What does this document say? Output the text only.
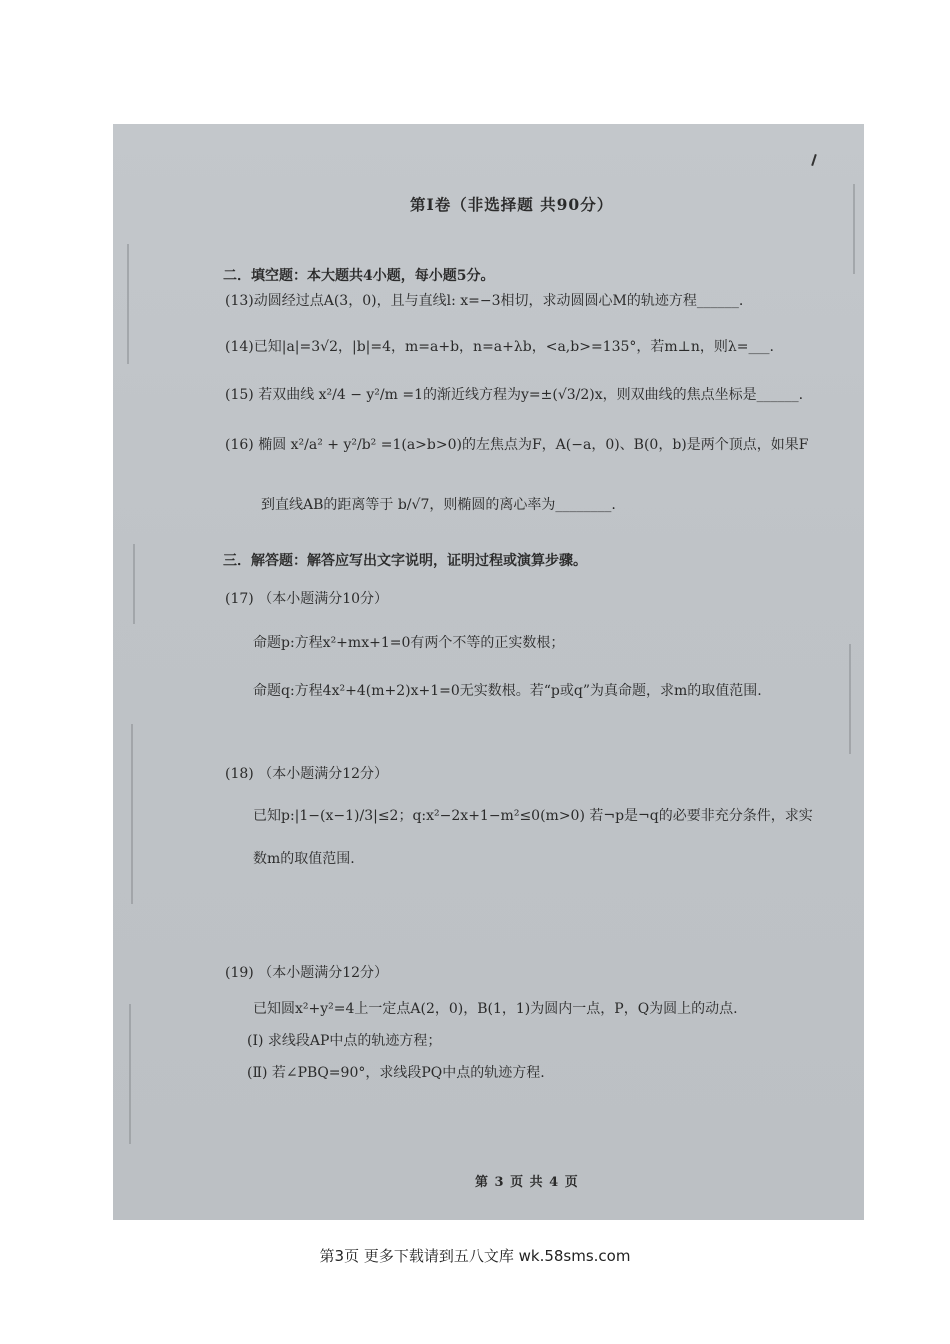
第Ⅰ卷（非选择题 共90分）
二．填空题：本大题共4小题，每小题5分。
(13)动圆经过点A(3，0)，且与直线l: x=−3相切，求动圆圆心M的轨迹方程______.
(14)已知|a|=3√2，|b|=4，m=a+b，n=a+λb，<a,b>=135°，若m⊥n，则λ=___.
(15) 若双曲线 x²/4 − y²/m =1的渐近线方程为y=±(√3/2)x，则双曲线的焦点坐标是______.
(16) 椭圆 x²/a² + y²/b² =1(a>b>0)的左焦点为F，A(−a，0)、B(0，b)是两个顶点，如果F
到直线AB的距离等于 b/√7，则椭圆的离心率为________.
三．解答题：解答应写出文字说明，证明过程或演算步骤。
(17) （本小题满分10分）
命题p:方程x²+mx+1=0有两个不等的正实数根；
命题q:方程4x²+4(m+2)x+1=0无实数根。若“p或q”为真命题，求m的取值范围.
(18) （本小题满分12分）
已知p:|1−(x−1)/3|≤2；q:x²−2x+1−m²≤0(m>0) 若¬p是¬q的必要非充分条件，求实
数m的取值范围.
(19) （本小题满分12分）
已知圆x²+y²=4上一定点A(2，0)，B(1，1)为圆内一点，P，Q为圆上的动点.
(Ⅰ) 求线段AP中点的轨迹方程；
(Ⅱ) 若∠PBQ=90°，求线段PQ中点的轨迹方程.
第 3 页 共 4 页
第3页 更多下载请到五八文库 wk.58sms.com
